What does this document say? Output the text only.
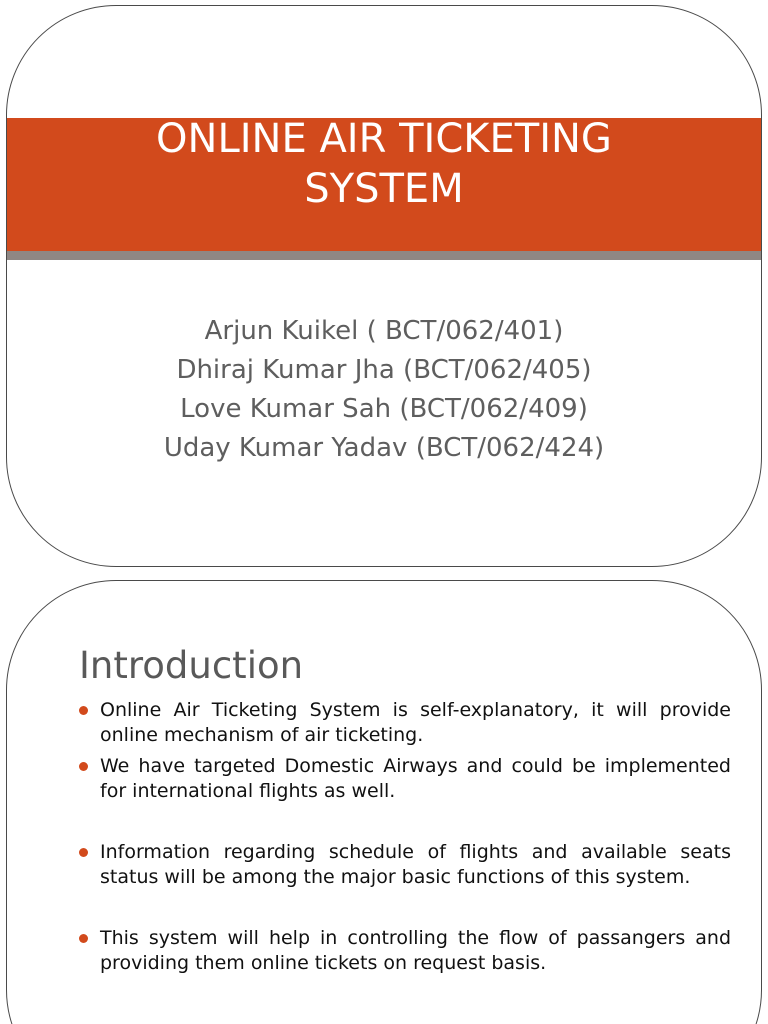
ONLINE AIR TICKETING
SYSTEM
Arjun Kuikel ( BCT/062/401)
Dhiraj Kumar Jha (BCT/062/405)
Love Kumar Sah (BCT/062/409)
Uday Kumar Yadav (BCT/062/424)
Introduction
Online Air Ticketing System is self-explanatory, it will provide online mechanism of air ticketing.
We have targeted Domestic Airways and could be implemented for international flights as well.
Information regarding schedule of flights and available seats status will be among the major basic functions of this system.
This system will help in controlling the flow of passangers and providing them online tickets on request basis.
